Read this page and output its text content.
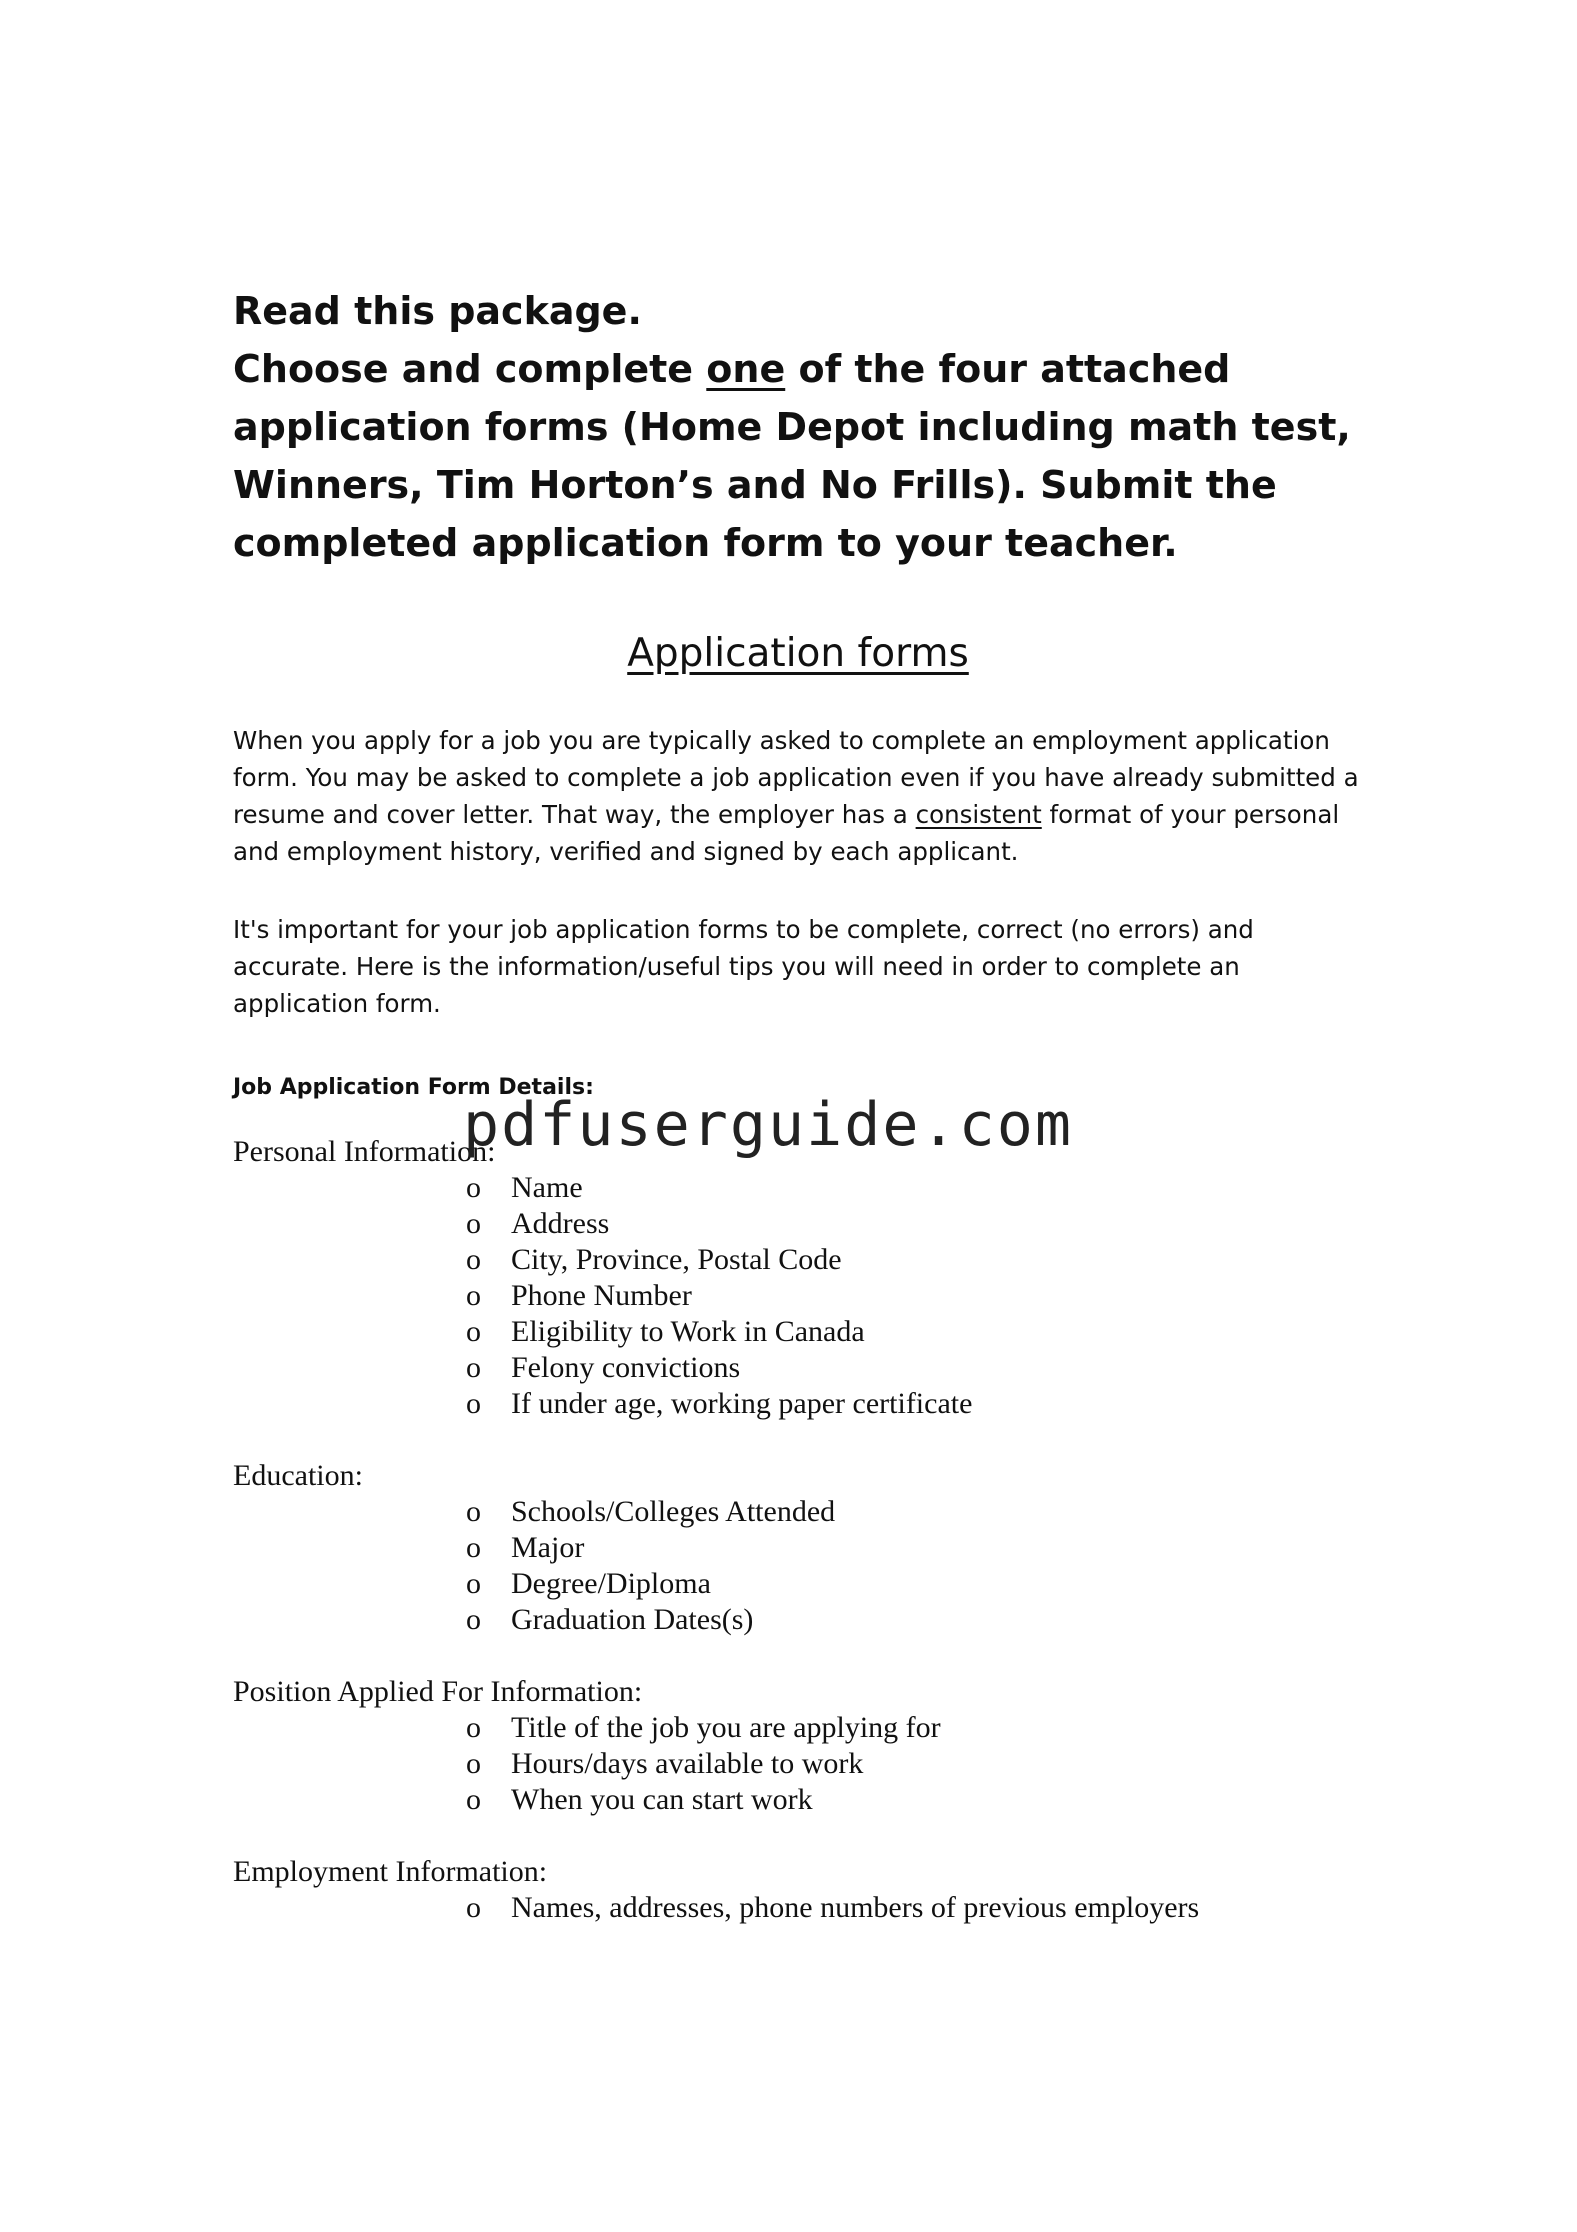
Read this package.
Choose and complete one of the four attached application forms (Home Depot including math test, Winners, Tim Horton’s and No Frills). Submit the completed application form to your teacher.

Application forms

When you apply for a job you are typically asked to complete an employment application form. You may be asked to complete a job application even if you have already submitted a resume and cover letter. That way, the employer has a consistent format of your personal and employment history, verified and signed by each applicant.

It's important for your job application forms to be complete, correct (no errors) and accurate. Here is the information/useful tips you will need in order to complete an application form.

Job Application Form Details:

Personal Information:

o	Name
o	Address
o	City, Province, Postal Code
o	Phone Number
o	Eligibility to Work in Canada
o	Felony convictions
o	If under age, working paper certificate

Education:

o	Schools/Colleges Attended
o	Major
o	Degree/Diploma
o	Graduation Dates(s)

Position Applied For Information:

o	Title of the job you are applying for
o	Hours/days available to work
o	When you can start work

Employment Information:

o	Names, addresses, phone numbers of previous employers
pdfuserguide.com
